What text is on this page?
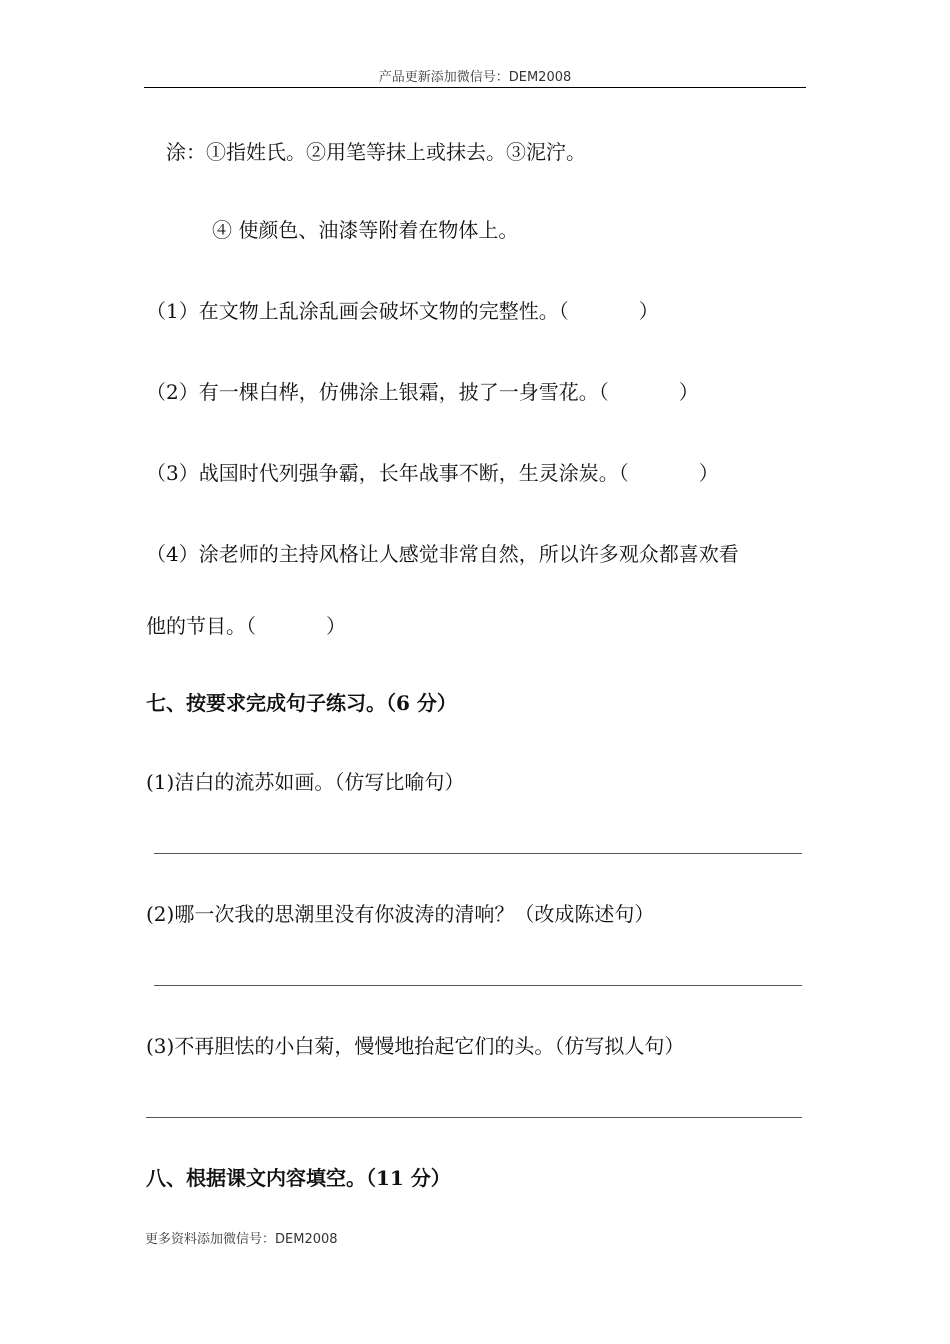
产品更新添加微信号：DEM2008
涂：①指姓氏。②用笔等抹上或抹去。③泥泞。
④ 使颜色、油漆等附着在物体上。
（1）在文物上乱涂乱画会破坏文物的完整性。（	）
（2）有一棵白桦，仿佛涂上银霜，披了一身雪花。（	）
（3）战国时代列强争霸，长年战事不断，生灵涂炭。（	）
（4）涂老师的主持风格让人感觉非常自然，所以许多观众都喜欢看
他的节目。（	）
七、按要求完成句子练习。（6 分）
(1)洁白的流苏如画。（仿写比喻句）
(2)哪一次我的思潮里没有你波涛的清响？（改成陈述句）
(3)不再胆怯的小白菊，慢慢地抬起它们的头。（仿写拟人句）
八、根据课文内容填空。（11 分）
更多资料添加微信号：DEM2008
